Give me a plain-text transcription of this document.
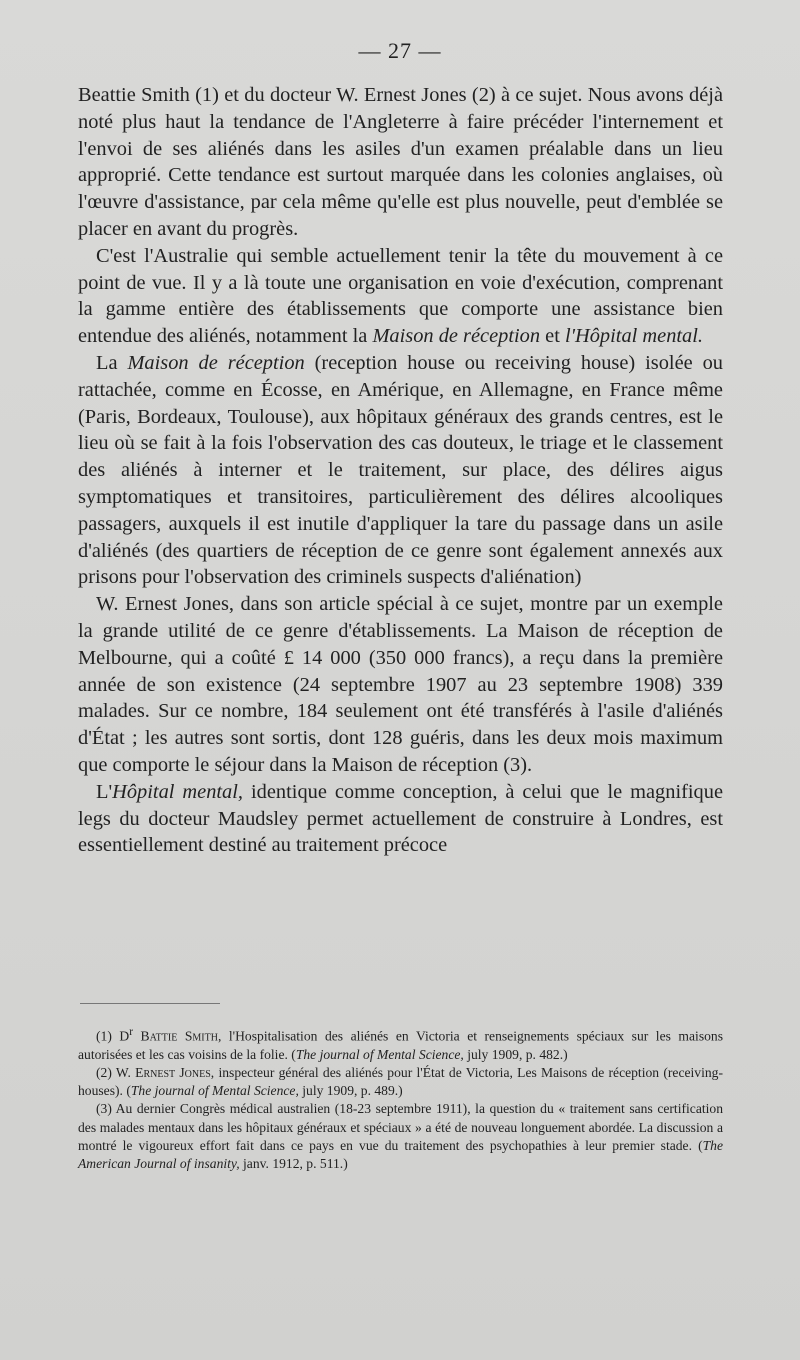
— 27 —

Beattie Smith (1) et du docteur W. Ernest Jones (2) à ce sujet. Nous avons déjà noté plus haut la tendance de l'Angleterre à faire précéder l'internement et l'envoi de ses aliénés dans les asiles d'un examen préalable dans un lieu approprié. Cette tendance est surtout marquée dans les colonies anglaises, où l'œuvre d'assistance, par cela même qu'elle est plus nouvelle, peut d'emblée se placer en avant du progrès.

C'est l'Australie qui semble actuellement tenir la tête du mouvement à ce point de vue. Il y a là toute une organisation en voie d'exécution, comprenant la gamme entière des établissements que comporte une assistance bien entendue des aliénés, notamment la Maison de réception et l'Hôpital mental.

La Maison de réception (reception house ou receiving house) isolée ou rattachée, comme en Écosse, en Amérique, en Allemagne, en France même (Paris, Bordeaux, Toulouse), aux hôpitaux généraux des grands centres, est le lieu où se fait à la fois l'observation des cas douteux, le triage et le classement des aliénés à interner et le traitement, sur place, des délires aigus symptomatiques et transitoires, particulièrement des délires alcooliques passagers, auxquels il est inutile d'appliquer la tare du passage dans un asile d'aliénés (des quartiers de réception de ce genre sont également annexés aux prisons pour l'observation des criminels suspects d'aliénation)

W. Ernest Jones, dans son article spécial à ce sujet, montre par un exemple la grande utilité de ce genre d'établissements. La Maison de réception de Melbourne, qui a coûté £ 14 000 (350 000 francs), a reçu dans la première année de son existence (24 septembre 1907 au 23 septembre 1908) 339 malades. Sur ce nombre, 184 seulement ont été transférés à l'asile d'aliénés d'État ; les autres sont sortis, dont 128 guéris, dans les deux mois maximum que comporte le séjour dans la Maison de réception (3).

L'Hôpital mental, identique comme conception, à celui que le magnifique legs du docteur Maudsley permet actuellement de construire à Londres, est essentiellement destiné au traitement précoce

(1) $D^r$ Battie Smith, l'Hospitalisation des aliénés en Victoria et renseignements spéciaux sur les maisons autorisées et les cas voisins de la folie. (The journal of Mental Science, july 1909, p. 482.)

(2) W. Ernest Jones, inspecteur général des aliénés pour l'État de Victoria, Les Maisons de réception (receiving-houses). (The journal of Mental Science, july 1909, p. 489.)

(3) Au dernier Congrès médical australien (18-23 septembre 1911), la question du « traitement sans certification des malades mentaux dans les hôpitaux généraux et spéciaux » a été de nouveau longuement abordée. La discussion a montré le vigoureux effort fait dans ce pays en vue du traitement des psychopathies à leur premier stade. (The American Journal of insanity, janv. 1912, p. 511.)
